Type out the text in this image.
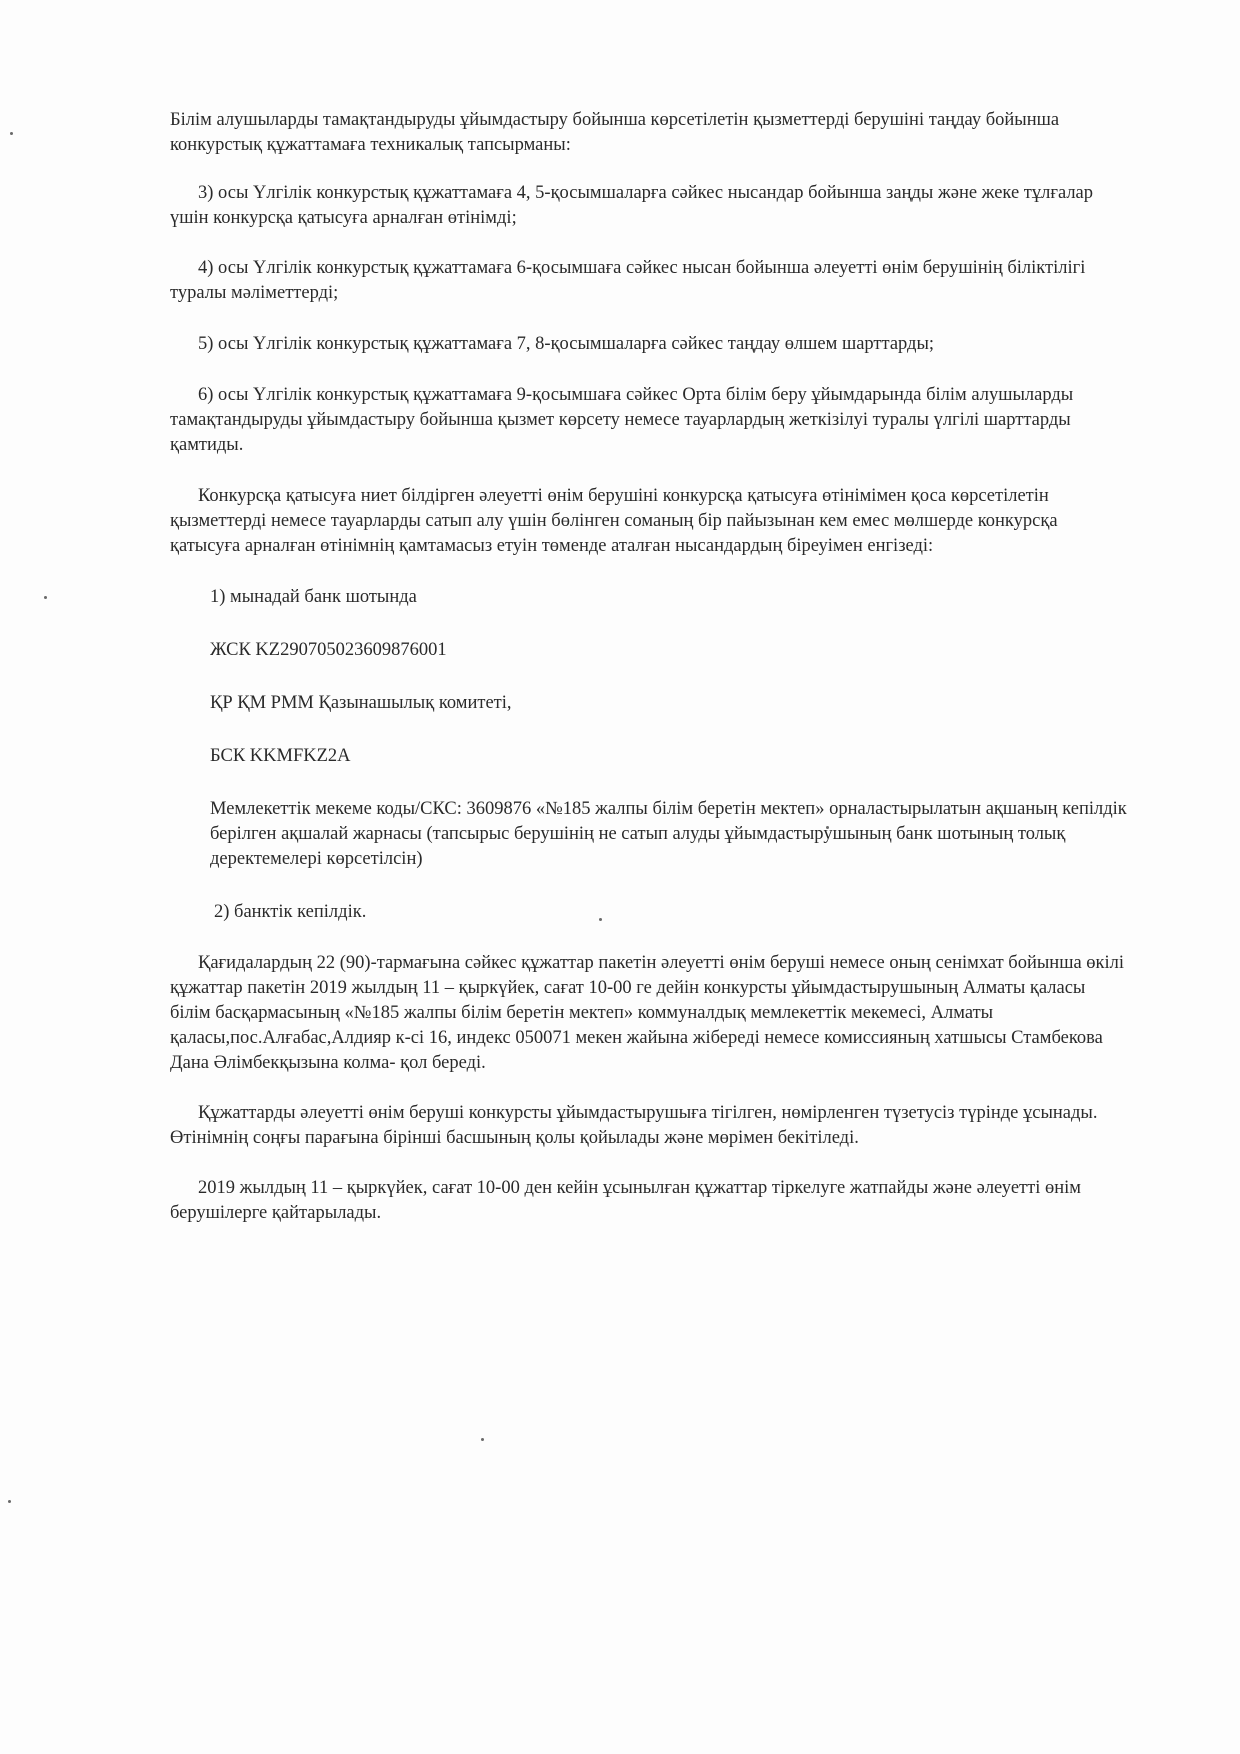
Білім алушыларды тамақтандыруды ұйымдастыру бойынша көрсетілетін қызметтерді берушіні таңдау бойынша конкурстық құжаттамаға техникалық тапсырманы:

3) осы Үлгілік конкурстық құжаттамаға 4, 5-қосымшаларға сәйкес нысандар бойынша заңды және жеке тұлғалар үшін конкурсқа қатысуға арналған өтінімді;

4) осы Үлгілік конкурстық құжаттамаға 6-қосымшаға сәйкес нысан бойынша әлеуетті өнім берушінің біліктілігі туралы мәліметтерді;

5) осы Үлгілік конкурстық құжаттамаға 7, 8-қосымшаларға сәйкес таңдау өлшем шарттарды;

6) осы Үлгілік конкурстық құжаттамаға 9-қосымшаға сәйкес Орта білім беру ұйымдарында білім алушыларды тамақтандыруды ұйымдастыру бойынша қызмет көрсету немесе тауарлардың жеткізілуі туралы үлгілі шарттарды қамтиды.

Конкурсқа қатысуға ниет білдірген әлеуетті өнім берушіні конкурсқа қатысуға өтінімімен қоса көрсетілетін қызметтерді немесе тауарларды сатып алу үшін бөлінген соманың бір пайызынан кем емес мөлшерде конкурсқа қатысуға арналған өтінімнің қамтамасыз етуін төменде аталған нысандардың біреуімен енгізеді:

1) мынадай банк шотында

ЖСК KZ290705023609876001

ҚР ҚМ РММ Қазынашылық комитеті,

БСК KKMFKZ2A

Мемлекеттік мекеме коды/СКС: 3609876 «№185 жалпы білім беретін мектеп» орналастырылатын ақшаның кепілдік берілген ақшалай жарнасы (тапсырыс берушінің не сатып алуды ұйымдастырушының банк шотының толық деректемелері көрсетілсін)

2) банктік кепілдік.

Қағидалардың 22 (90)-тармағына сәйкес құжаттар пакетін әлеуетті өнім беруші немесе оның сенімхат бойынша өкілі құжаттар пакетін 2019 жылдың 11 – қыркүйек, сағат 10-00 ге дейін конкурсты ұйымдастырушының Алматы қаласы білім басқармасының «№185 жалпы білім беретін мектеп» коммуналдық мемлекеттік мекемесі, Алматы қаласы,пос.Алғабас,Алдияр к-сі 16, индекс 050071 мекен жайына жібереді немесе комиссияның хатшысы Стамбекова Дана Әлімбекқызына колма- қол береді.

Құжаттарды әлеуетті өнім беруші конкурсты ұйымдастырушыға тігілген, нөмірленген түзетусіз түрінде ұсынады. Өтінімнің соңғы парағына бірінші басшының қолы қойылады және мөрімен бекітіледі.

2019 жылдың 11 – қыркүйек, сағат 10-00 ден кейін ұсынылған құжаттар тіркелуге жатпайды және әлеуетті өнім берушілерге қайтарылады.
